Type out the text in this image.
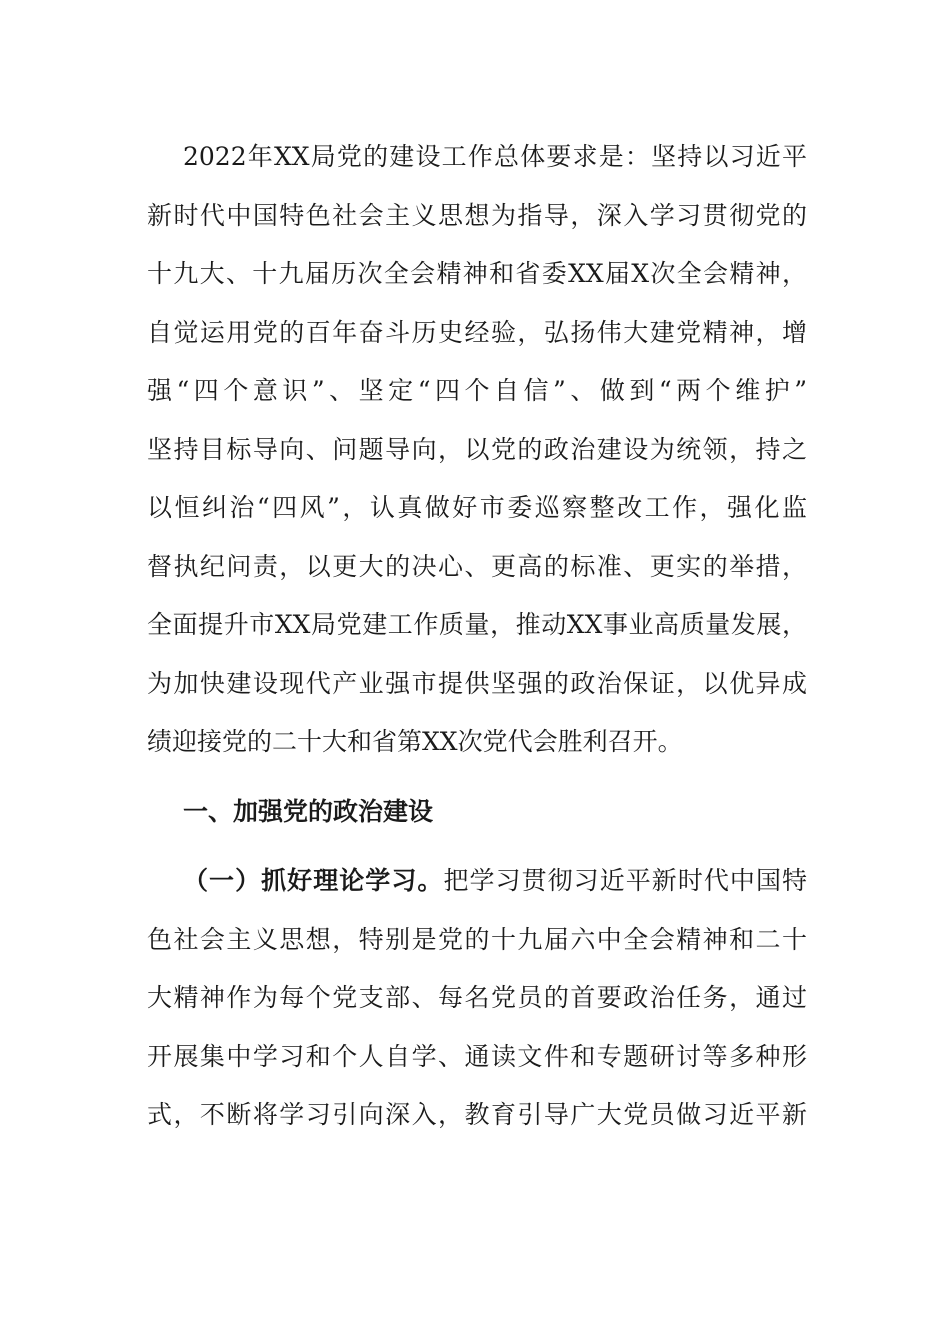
2022年XX局党的建设工作总体要求是：坚持以习近平
新时代中国特色社会主义思想为指导，深入学习贯彻党的
十九大、十九届历次全会精神和省委XX届X次全会精神，
自觉运用党的百年奋斗历史经验，弘扬伟大建党精神，增
强“四个意识”、坚定“四个自信”、做到“两个维护”
坚持目标导向、问题导向，以党的政治建设为统领，持之
以恒纠治“四风”，认真做好市委巡察整改工作，强化监
督执纪问责，以更大的决心、更高的标准、更实的举措，
全面提升市XX局党建工作质量，推动XX事业高质量发展，
为加快建设现代产业强市提供坚强的政治保证，以优异成
绩迎接党的二十大和省第XX次党代会胜利召开。
一、加强党的政治建设
（一）抓好理论学习。把学习贯彻习近平新时代中国特
色社会主义思想，特别是党的十九届六中全会精神和二十
大精神作为每个党支部、每名党员的首要政治任务，通过
开展集中学习和个人自学、通读文件和专题研讨等多种形
式，不断将学习引向深入，教育引导广大党员做习近平新
